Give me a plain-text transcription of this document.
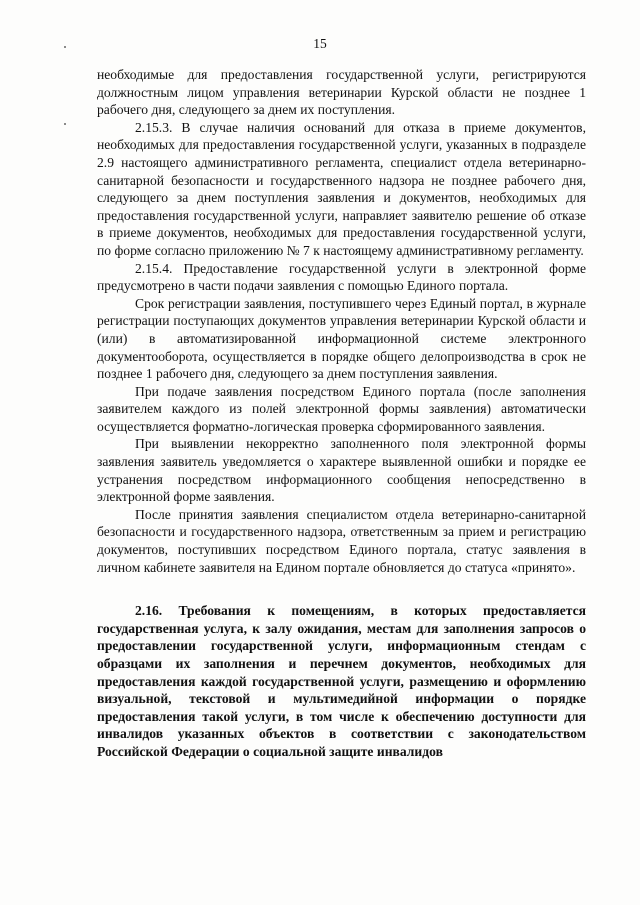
15

необходимые для предоставления государственной услуги, регистрируются должностным лицом управления ветеринарии Курской области не позднее 1 рабочего дня, следующего за днем их поступления.

2.15.3. В случае наличия оснований для отказа в приеме документов, необходимых для предоставления государственной услуги, указанных в подразделе 2.9 настоящего административного регламента, специалист отдела ветеринарно-санитарной безопасности и государственного надзора не позднее рабочего дня, следующего за днем поступления заявления и документов, необходимых для предоставления государственной услуги, направляет заявителю решение об отказе в приеме документов, необходимых для предоставления государственной услуги, по форме согласно приложению № 7 к настоящему административному регламенту.

2.15.4. Предоставление государственной услуги в электронной форме предусмотрено в части подачи заявления с помощью Единого портала.

Срок регистрации заявления, поступившего через Единый портал, в журнале регистрации поступающих документов управления ветеринарии Курской области и (или) в автоматизированной информационной системе электронного документооборота, осуществляется в порядке общего делопроизводства в срок не позднее 1 рабочего дня, следующего за днем поступления заявления.

При подаче заявления посредством Единого портала (после заполнения заявителем каждого из полей электронной формы заявления) автоматически осуществляется форматно-логическая проверка сформированного заявления.

При выявлении некорректно заполненного поля электронной формы заявления заявитель уведомляется о характере выявленной ошибки и порядке ее устранения посредством информационного сообщения непосредственно в электронной форме заявления.

После принятия заявления специалистом отдела ветеринарно-санитарной безопасности и государственного надзора, ответственным за прием и регистрацию документов, поступивших посредством Единого портала, статус заявления в личном кабинете заявителя на Едином портале обновляется до статуса «принято».

2.16. Требования к помещениям, в которых предоставляется государственная услуга, к залу ожидания, местам для заполнения запросов о предоставлении государственной услуги, информационным стендам с образцами их заполнения и перечнем документов, необходимых для предоставления каждой государственной услуги, размещению и оформлению визуальной, текстовой и мультимедийной информации о порядке предоставления такой услуги, в том числе к обеспечению доступности для инвалидов указанных объектов в соответствии с законодательством Российской Федерации о социальной защите инвалидов
